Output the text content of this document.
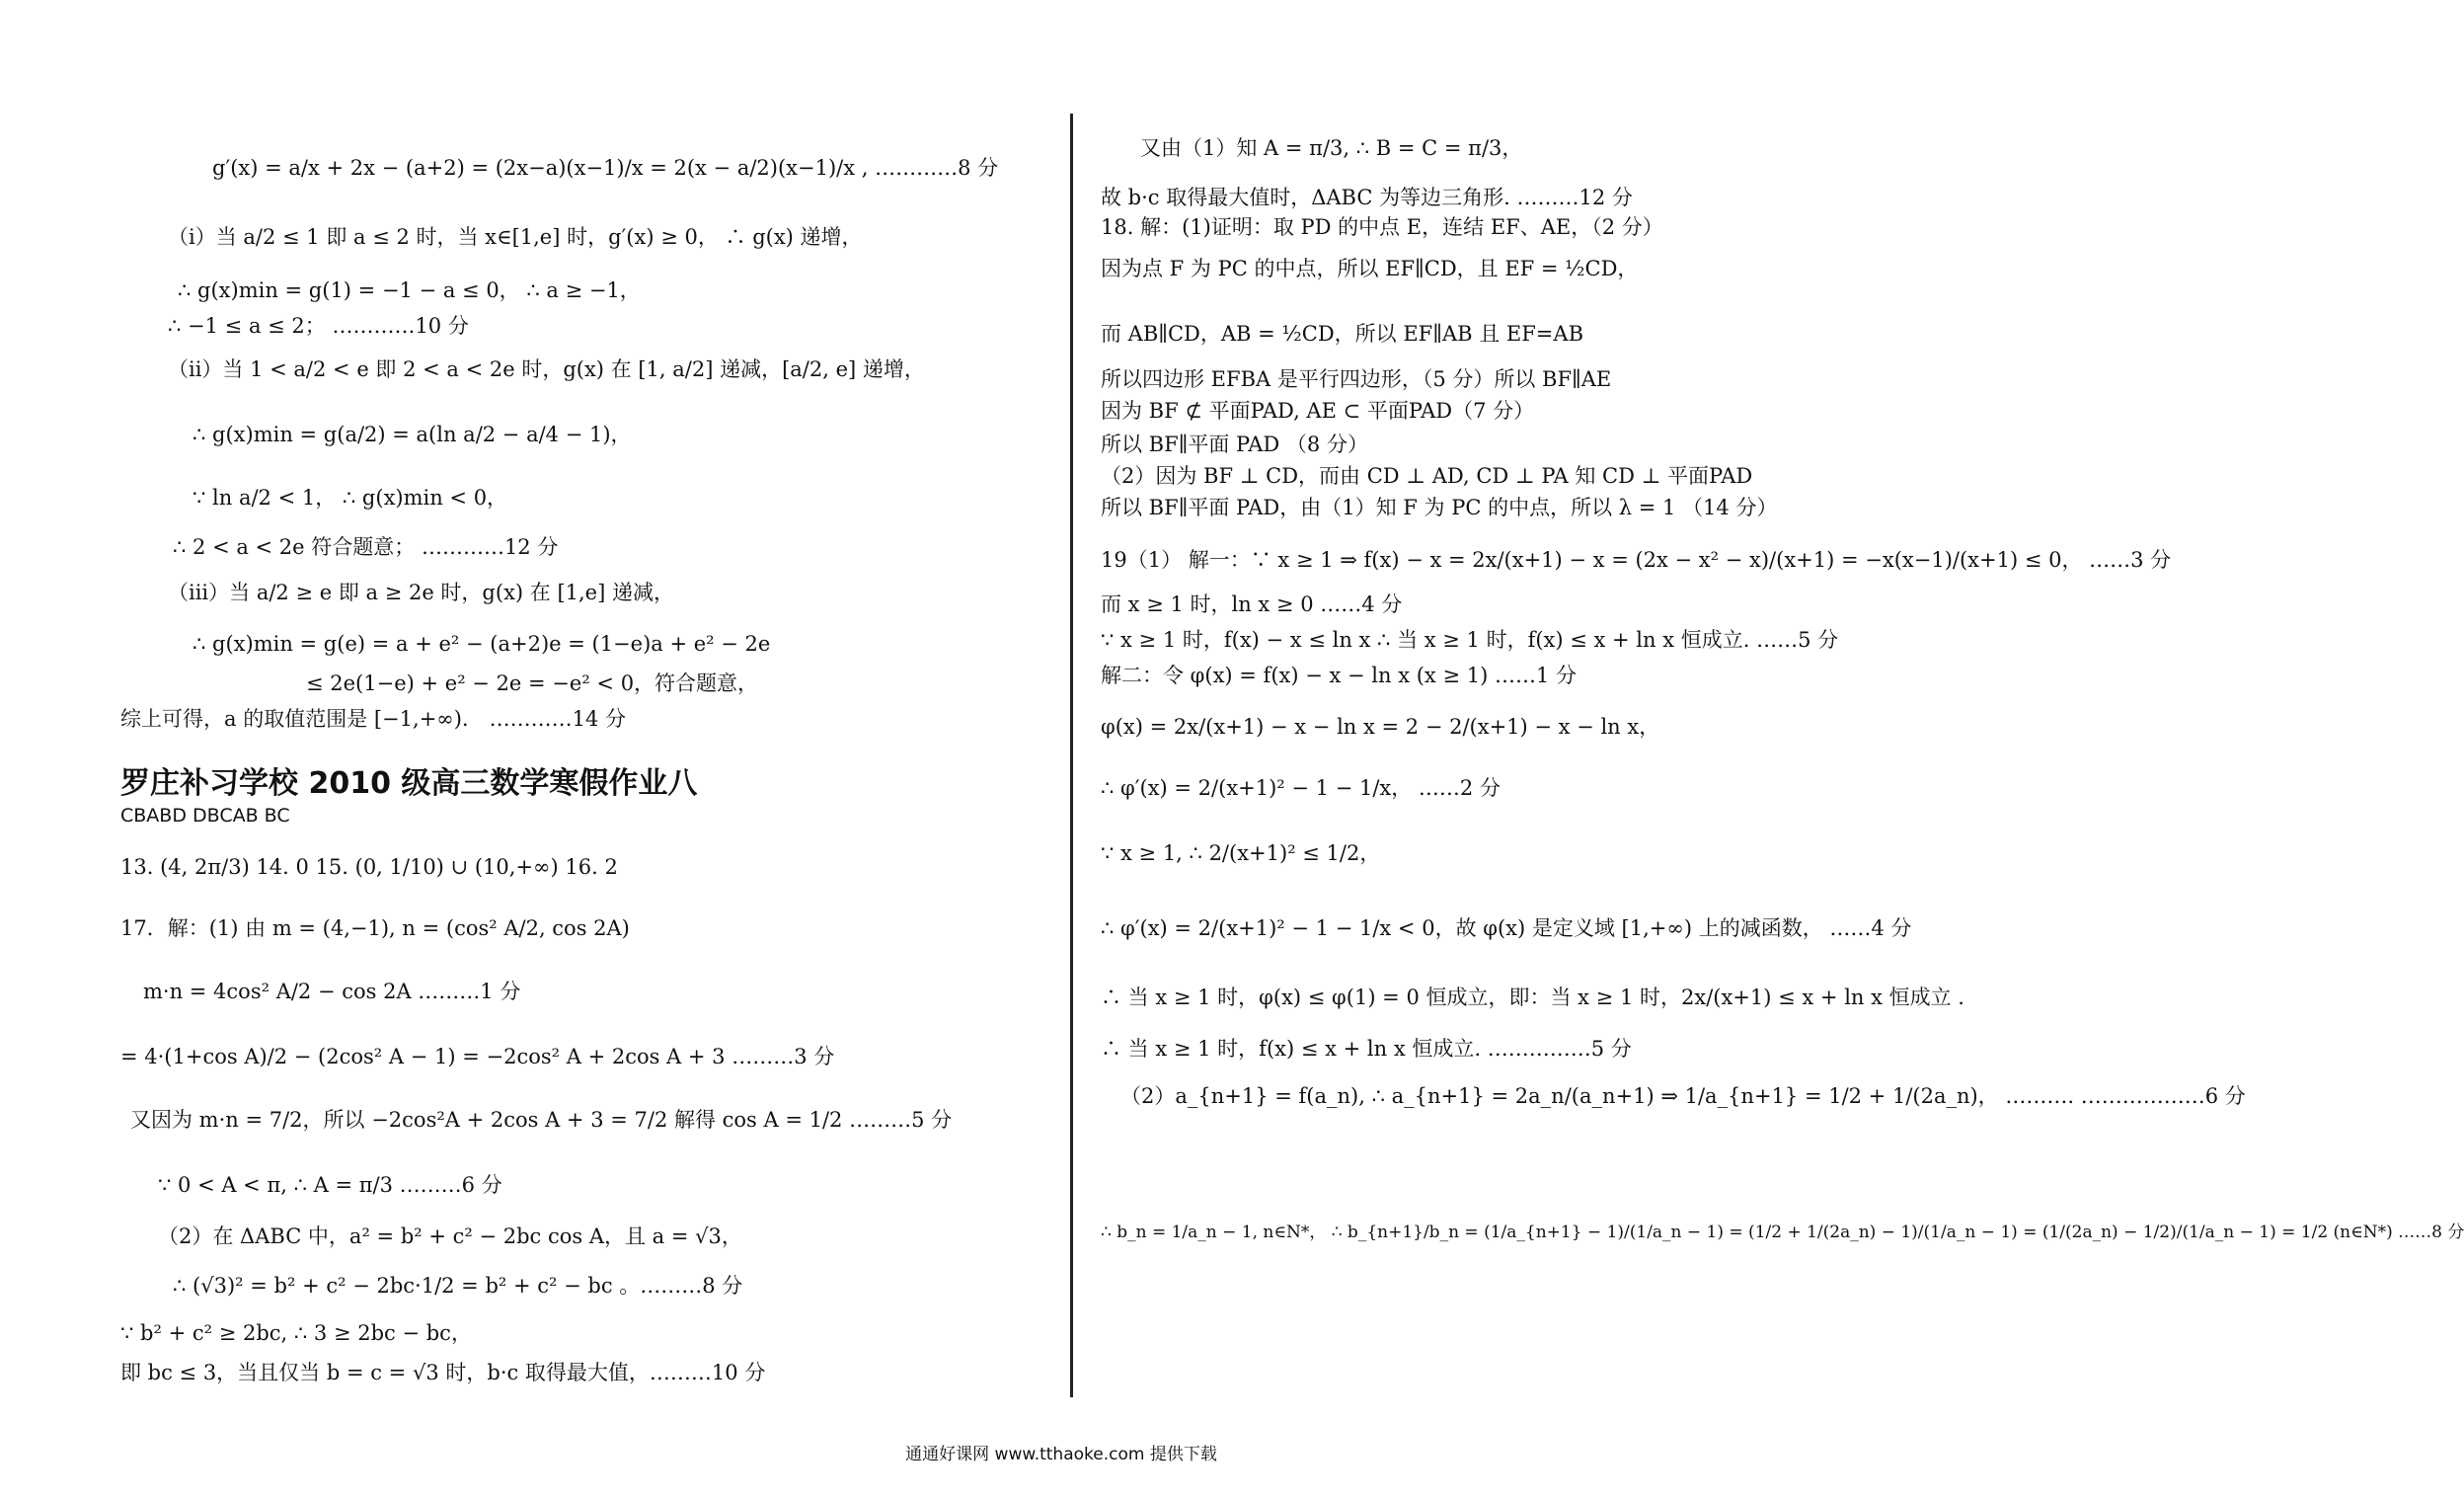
g′(x) = a/x + 2x − (a+2) = (2x−a)(x−1)/x = 2(x − a/2)(x−1)/x , …………8 分
（i）当 a/2 ≤ 1 即 a ≤ 2 时，当 x∈[1,e] 时，g′(x) ≥ 0， ∴ g(x) 递增，
∴ g(x)min = g(1) = −1 − a ≤ 0， ∴ a ≥ −1，
∴ −1 ≤ a ≤ 2； …………10 分
（ii）当 1 < a/2 < e 即 2 < a < 2e 时，g(x) 在 [1, a/2] 递减，[a/2, e] 递增，
∴ g(x)min = g(a/2) = a(ln a/2 − a/4 − 1)，
∵ ln a/2 < 1， ∴ g(x)min < 0，
∴ 2 < a < 2e 符合题意； …………12 分
（iii）当 a/2 ≥ e 即 a ≥ 2e 时，g(x) 在 [1,e] 递减，
∴ g(x)min = g(e) = a + e² − (a+2)e = (1−e)a + e² − 2e
≤ 2e(1−e) + e² − 2e = −e² < 0，符合题意，
综上可得，a 的取值范围是 [−1,+∞)． …………14 分
罗庄补习学校 2010 级高三数学寒假作业八
CBABD DBCAB BC
13. (4, 2π/3) 14. 0 15. (0, 1/10) ∪ (10,+∞) 16. 2
17．解：(1) 由 m = (4,−1), n = (cos² A/2, cos 2A)
m·n = 4cos² A/2 − cos 2A ………1 分
= 4·(1+cos A)/2 − (2cos² A − 1) = −2cos² A + 2cos A + 3 ………3 分
又因为 m·n = 7/2，所以 −2cos²A + 2cos A + 3 = 7/2 解得 cos A = 1/2 ………5 分
∵ 0 < A < π, ∴ A = π/3 ………6 分
（2）在 ΔABC 中，a² = b² + c² − 2bc cos A，且 a = √3，
∴ (√3)² = b² + c² − 2bc·1/2 = b² + c² − bc 。………8 分
∵ b² + c² ≥ 2bc, ∴ 3 ≥ 2bc − bc，
即 bc ≤ 3，当且仅当 b = c = √3 时，b·c 取得最大值，………10 分
又由（1）知 A = π/3, ∴ B = C = π/3，
故 b·c 取得最大值时，ΔABC 为等边三角形. ………12 分
18. 解：(1)证明：取 PD 的中点 E，连结 EF、AE，（2 分）
因为点 F 为 PC 的中点，所以 EF∥CD，且 EF = ½CD，
而 AB∥CD，AB = ½CD，所以 EF∥AB 且 EF=AB
所以四边形 EFBA 是平行四边形，（5 分）所以 BF∥AE
因为 BF ⊄ 平面PAD, AE ⊂ 平面PAD（7 分）
所以 BF∥平面 PAD （8 分）
（2）因为 BF ⊥ CD，而由 CD ⊥ AD, CD ⊥ PA 知 CD ⊥ 平面PAD
所以 BF∥平面 PAD，由（1）知 F 为 PC 的中点，所以 λ = 1 （14 分）
19（1） 解一：∵ x ≥ 1 ⇒ f(x) − x = 2x/(x+1) − x = (2x − x² − x)/(x+1) = −x(x−1)/(x+1) ≤ 0， ……3 分
而 x ≥ 1 时，ln x ≥ 0 ……4 分
∵ x ≥ 1 时，f(x) − x ≤ ln x ∴ 当 x ≥ 1 时，f(x) ≤ x + ln x 恒成立. ……5 分
解二：令 φ(x) = f(x) − x − ln x (x ≥ 1) ……1 分
φ(x) = 2x/(x+1) − x − ln x = 2 − 2/(x+1) − x − ln x，
∴ φ′(x) = 2/(x+1)² − 1 − 1/x， ……2 分
∵ x ≥ 1, ∴ 2/(x+1)² ≤ 1/2，
∴ φ′(x) = 2/(x+1)² − 1 − 1/x < 0，故 φ(x) 是定义域 [1,+∞) 上的减函数， ……4 分
∴ 当 x ≥ 1 时，φ(x) ≤ φ(1) = 0 恒成立，即：当 x ≥ 1 时，2x/(x+1) ≤ x + ln x 恒成立 .
∴ 当 x ≥ 1 时，f(x) ≤ x + ln x 恒成立. ……………5 分
（2）a_{n+1} = f(a_n), ∴ a_{n+1} = 2a_n/(a_n+1) ⇒ 1/a_{n+1} = 1/2 + 1/(2a_n)， ………. ………………6 分
∴ b_n = 1/a_n − 1, n∈N*， ∴ b_{n+1}/b_n = (1/a_{n+1} − 1)/(1/a_n − 1) = (1/2 + 1/(2a_n) − 1)/(1/a_n − 1) = (1/(2a_n) − 1/2)/(1/a_n − 1) = 1/2 (n∈N*) ……8 分
通通好课网 www.tthaoke.com 提供下载
